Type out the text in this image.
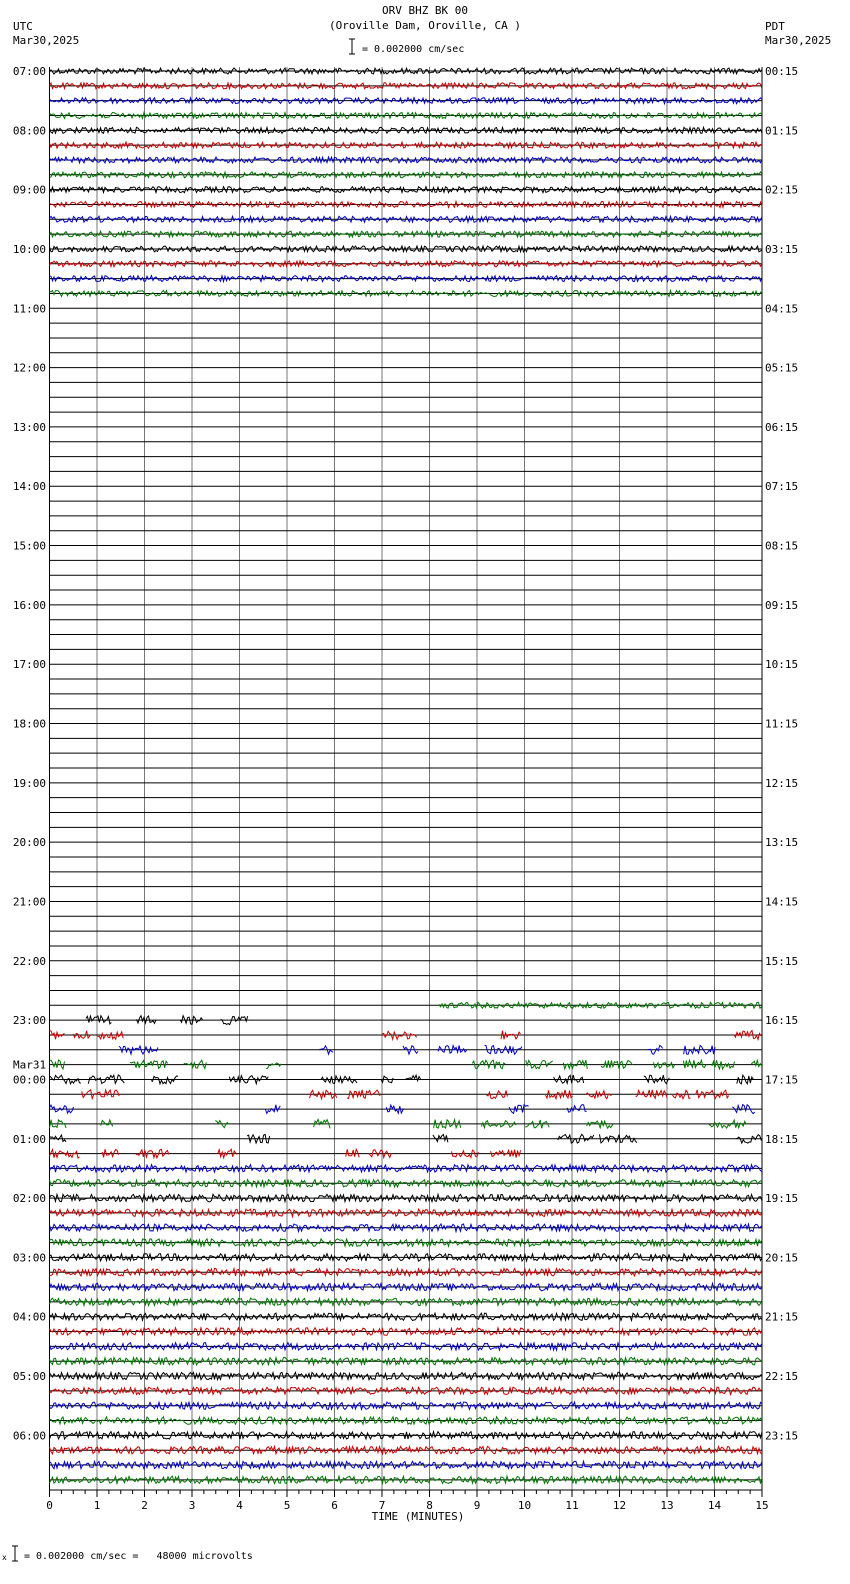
ORV BHZ BK 00
(Oroville Dam, Oroville, CA )
UTC
Mar30,2025
PDT
Mar30,2025
= 0.002000 cm/sec
07:00
08:00
09:00
10:00
11:00
12:00
13:00
14:00
15:00
16:00
17:00
18:00
19:00
20:00
21:00
22:00
23:00
00:00
01:00
02:00
03:00
04:00
05:00
06:00
Mar31
00:15
01:15
02:15
03:15
04:15
05:15
06:15
07:15
08:15
09:15
10:15
11:15
12:15
13:15
14:15
15:15
16:15
17:15
18:15
19:15
20:15
21:15
22:15
23:15
0	1	2	3	4	5	6	7	8	9	10	11	12	13	14	15
TIME (MINUTES)
x = 0.002000 cm/sec =   48000 microvolts
